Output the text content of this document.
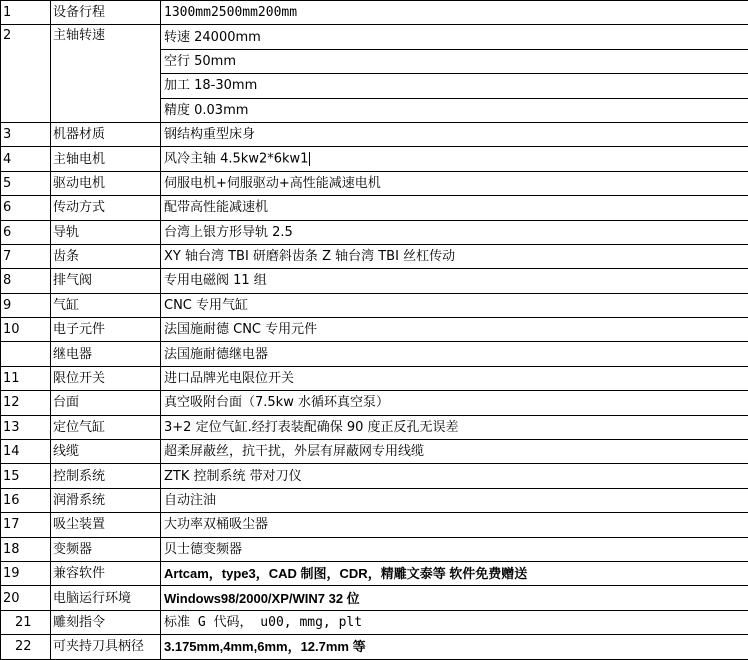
1	设备行程	1300mm2500mm200mm
2	主轴转速	转速 24000mm
		空行 50mm
		加工 18-30mm
		精度 0.03mm
3	机器材质	钢结构重型床身
4	主轴电机	风冷主轴 4.5kw2*6kw1
5	驱动电机	伺服电机+伺服驱动+高性能减速电机
6	传动方式	配带高性能减速机
6	导轨	台湾上银方形导轨 2.5
7	齿条	XY 轴台湾 TBI 研磨斜齿条 Z 轴台湾 TBI 丝杠传动
8	排气阀	专用电磁阀 11 组
9	气缸	CNC 专用气缸
10	电子元件	法国施耐德 CNC 专用元件
	继电器	法国施耐德继电器
11	限位开关	进口品牌光电限位开关
12	台面	真空吸附台面（7.5kw 水循环真空泵）
13	定位气缸	3+2 定位气缸.经打表装配确保 90 度正反孔无误差
14	线缆	超柔屏蔽丝，抗干扰，外层有屏蔽网专用线缆
15	控制系统	ZTK 控制系统 带对刀仪
16	润滑系统	自动注油
17	吸尘装置	大功率双桶吸尘器
18	变频器	贝士德变频器
19	兼容软件	Artcam，type3，CAD 制图，CDR，精雕文泰等 软件免费赠送
20	电脑运行环境	Windows98/2000/XP/WIN7 32 位
21	雕刻指令	标准 G 代码， u00, mmg, plt
22	可夹持刀具柄径	3.175mm,4mm,6mm，12.7mm 等
